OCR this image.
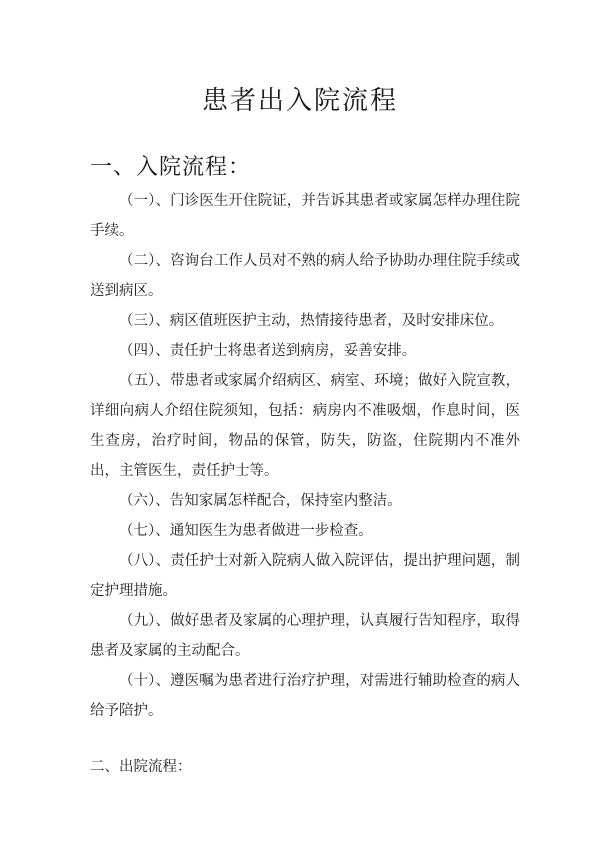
患者出入院流程
一、入院流程：

（一）、门诊医生开住院证，并告诉其患者或家属怎样办理住院手续。

（二）、咨询台工作人员对不熟的病人给予协助办理住院手续或送到病区。

（三）、病区值班医护主动，热情接待患者，及时安排床位。

（四）、责任护士将患者送到病房，妥善安排。

（五）、带患者或家属介绍病区、病室、环境；做好入院宣教，详细向病人介绍住院须知，包括：病房内不准吸烟，作息时间，医生查房，治疗时间，物品的保管，防失，防盗，住院期内不准外出，主管医生，责任护士等。

（六）、告知家属怎样配合，保持室内整洁。

（七）、通知医生为患者做进一步检查。

（八）、责任护士对新入院病人做入院评估，提出护理问题，制定护理措施。

（九）、做好患者及家属的心理护理，认真履行告知程序，取得患者及家属的主动配合。

（十）、遵医嘱为患者进行治疗护理，对需进行辅助检查的病人给予陪护。

二、出院流程：
